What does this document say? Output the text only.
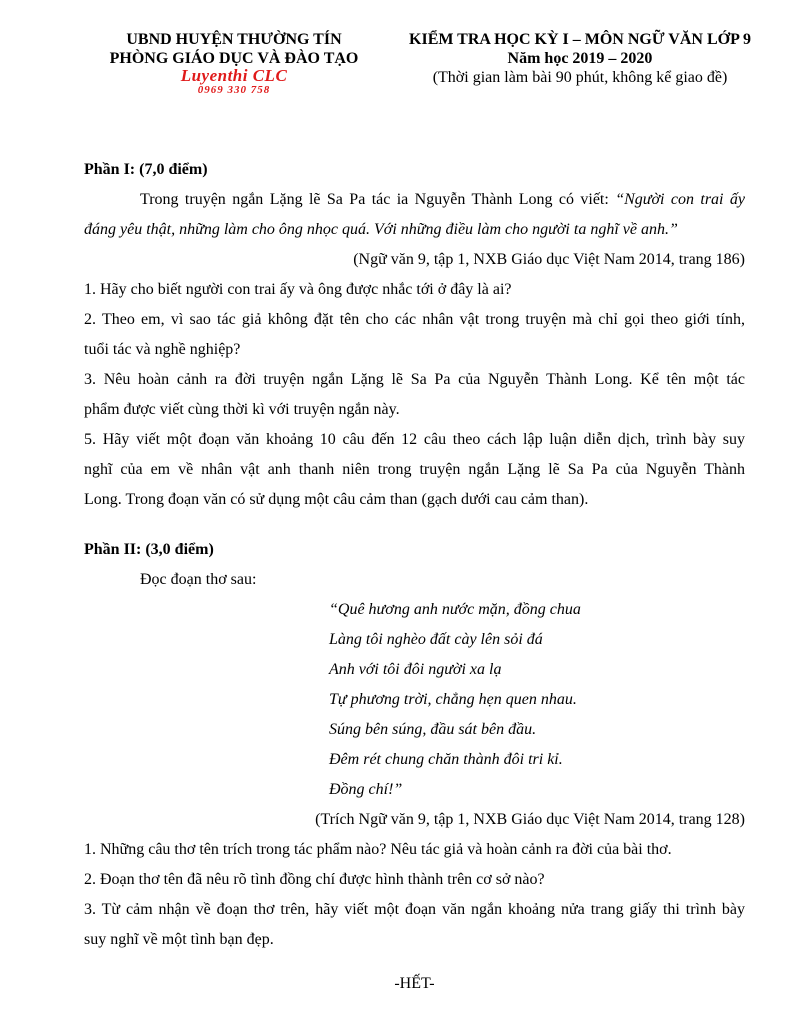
UBND HUYỆN THƯỜNG TÍN
PHÒNG GIÁO DỤC VÀ ĐÀO TẠO
Luyenthi CLC
0969 330 758
KIỂM TRA HỌC KỲ I – MÔN NGỮ VĂN LỚP 9
Năm học 2019 – 2020
(Thời gian làm bài 90 phút, không kể giao đề)
Phần I: (7,0 điểm)
Trong truyện ngắn Lặng lẽ Sa Pa tác ia Nguyễn Thành Long có viết: “Người con trai ấy
đáng yêu thật, những làm cho ông nhọc quá. Với những điều làm cho người ta nghĩ về anh.”
(Ngữ văn 9, tập 1, NXB Giáo dục Việt Nam 2014, trang 186)
1. Hãy cho biết người con trai ấy và ông được nhắc tới ở đây là ai?
2. Theo em, vì sao tác giả không đặt tên cho các nhân vật trong truyện mà chỉ gọi theo giới tính,
tuổi tác và nghề nghiệp?
3. Nêu hoàn cảnh ra đời truyện ngắn Lặng lẽ Sa Pa của Nguyễn Thành Long. Kể tên một tác
phẩm được viết cùng thời kì với truyện ngắn này.
5. Hãy viết một đoạn văn khoảng 10 câu đến 12 câu theo cách lập luận diễn dịch, trình bày suy
nghĩ của em về nhân vật anh thanh niên trong truyện ngắn Lặng lẽ Sa Pa của Nguyễn Thành
Long. Trong đoạn văn có sử dụng một câu cảm than (gạch dưới cau cảm than).
Phần II: (3,0 điểm)
Đọc đoạn thơ sau:
“Quê hương anh nước mặn, đồng chua
Làng tôi nghèo đất cày lên sỏi đá
Anh với tôi đôi người xa lạ
Tự phương trời, chẳng hẹn quen nhau.
Súng bên súng, đầu sát bên đầu.
Đêm rét chung chăn thành đôi tri kỉ.
Đồng chí!”
(Trích Ngữ văn 9, tập 1, NXB Giáo dục Việt Nam 2014, trang 128)
1. Những câu thơ tên trích trong tác phẩm nào? Nêu tác giả và hoàn cảnh ra đời của bài thơ.
2. Đoạn thơ tên đã nêu rõ tình đồng chí được hình thành trên cơ sở nào?
3. Từ cảm nhận về đoạn thơ trên, hãy viết một đoạn văn ngắn khoảng nửa trang giấy thi trình bày
suy nghĩ về một tình bạn đẹp.
-HẾT-
